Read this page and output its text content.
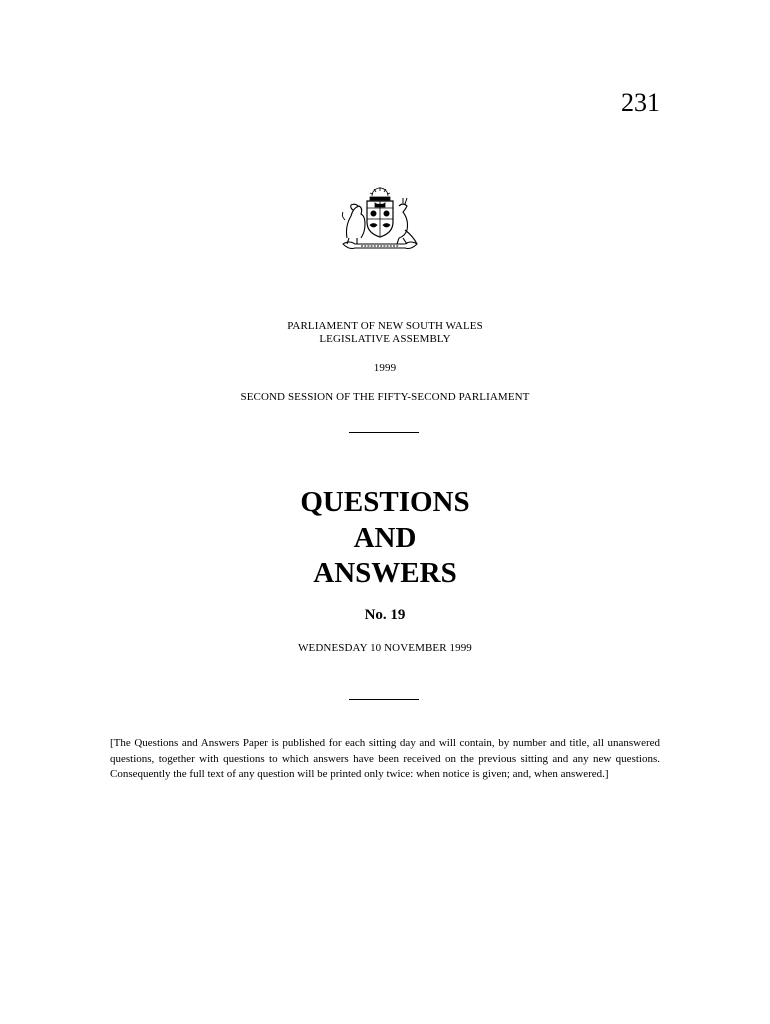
231
PARLIAMENT OF NEW SOUTH WALES
LEGISLATIVE ASSEMBLY
1999
SECOND SESSION OF THE FIFTY-SECOND PARLIAMENT
QUESTIONS
AND
ANSWERS
No. 19
WEDNESDAY 10 NOVEMBER 1999
[The Questions and Answers Paper is published for each sitting day and will contain, by number and title, all unanswered questions, together with questions to which answers have been received on the previous sitting and any new questions. Consequently the full text of any question will be printed only twice: when notice is given; and, when answered.]
